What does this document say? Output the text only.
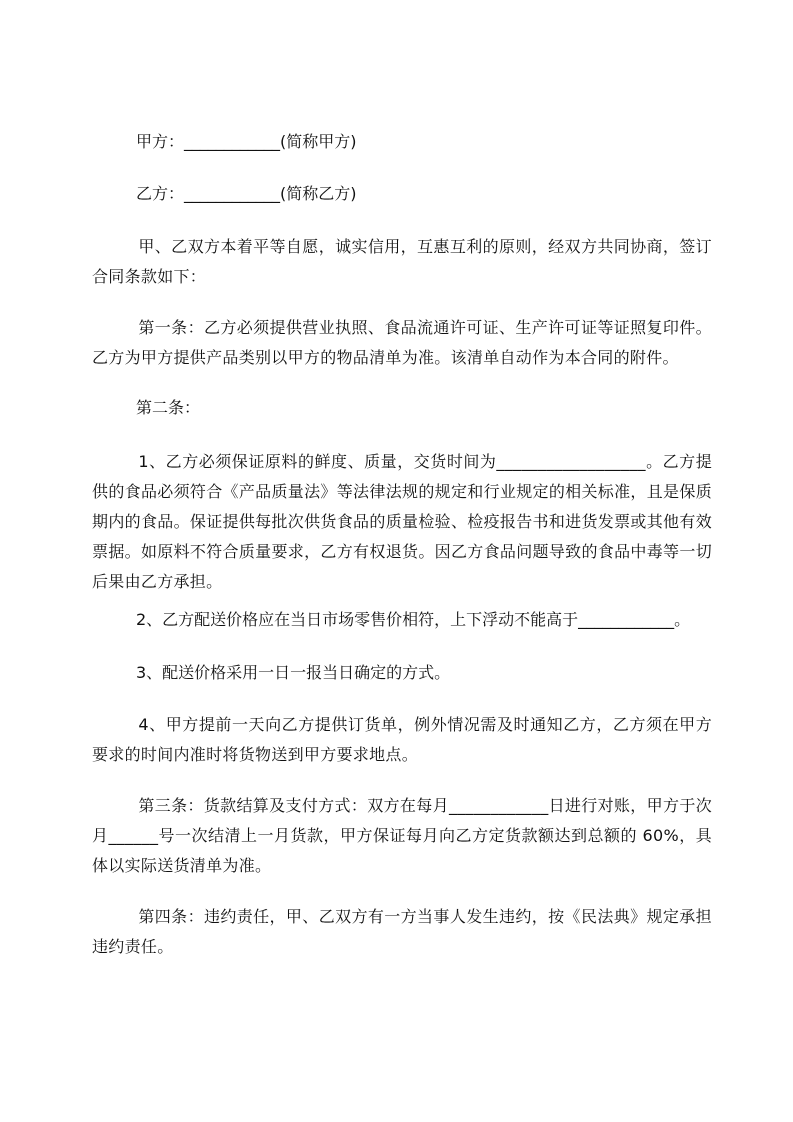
甲方：____________(简称甲方)
乙方：____________(简称乙方)
甲、乙双方本着平等自愿，诚实信用，互惠互利的原则，经双方共同协商，签订合同条款如下：
第一条：乙方必须提供营业执照、食品流通许可证、生产许可证等证照复印件。乙方为甲方提供产品类别以甲方的物品清单为准。该清单自动作为本合同的附件。
第二条：
1、乙方必须保证原料的鲜度、质量，交货时间为__________________。乙方提供的食品必须符合《产品质量法》等法律法规的规定和行业规定的相关标准，且是保质期内的食品。保证提供每批次供货食品的质量检验、检疫报告书和进货发票或其他有效票据。如原料不符合质量要求，乙方有权退货。因乙方食品问题导致的食品中毒等一切后果由乙方承担。
2、乙方配送价格应在当日市场零售价相符，上下浮动不能高于____________。
3、配送价格采用一日一报当日确定的方式。
4、甲方提前一天向乙方提供订货单，例外情况需及时通知乙方，乙方须在甲方要求的时间内准时将货物送到甲方要求地点。
第三条：货款结算及支付方式：双方在每月____________日进行对账，甲方于次月______号一次结清上一月货款，甲方保证每月向乙方定货款额达到总额的 60%，具体以实际送货清单为准。
第四条：违约责任，甲、乙双方有一方当事人发生违约，按《民法典》规定承担违约责任。
